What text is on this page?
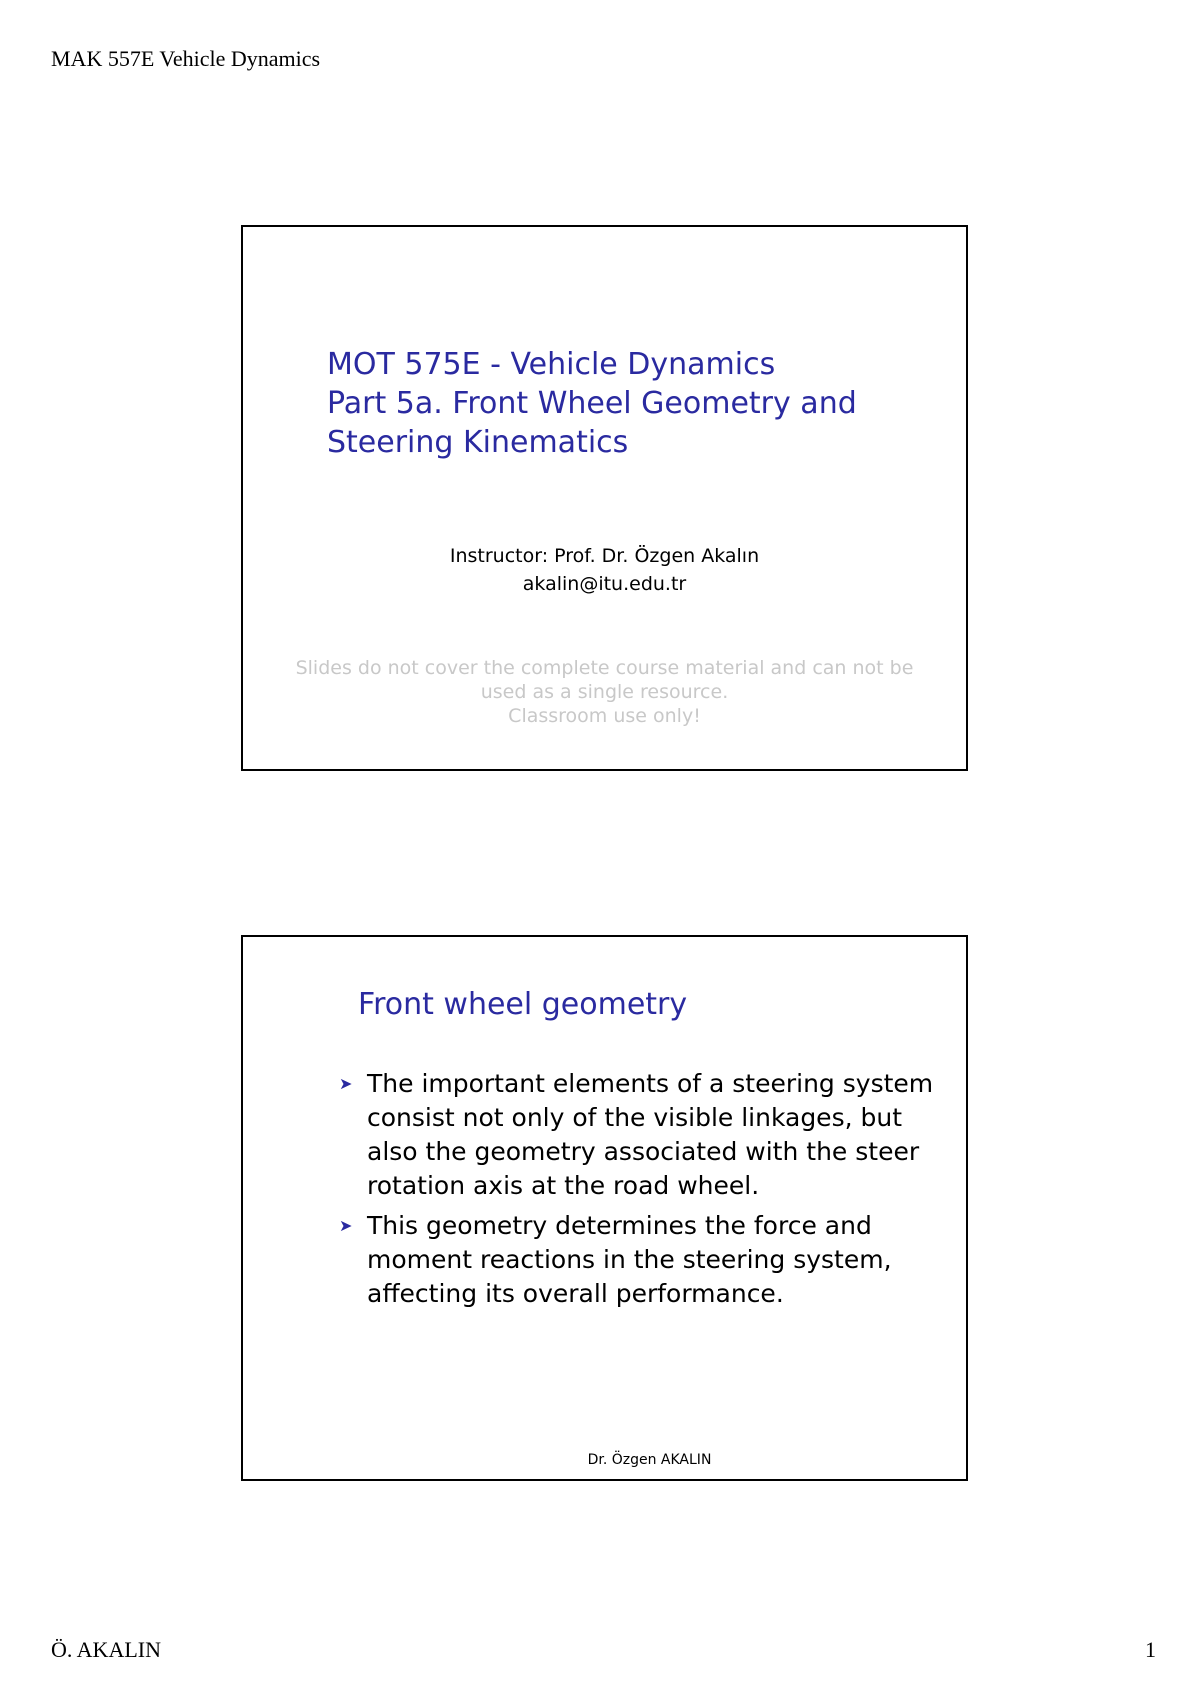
MAK 557E Vehicle Dynamics
MOT 575E - Vehicle Dynamics
Part 5a. Front Wheel Geometry and
Steering Kinematics
Instructor: Prof. Dr. Özgen Akalın
akalin@itu.edu.tr
Slides do not cover the complete course material and can not be
used as a single resource.
Classroom use only!
Front wheel geometry
➤ The important elements of a steering system consist not only of the visible linkages, but also the geometry associated with the steer rotation axis at the road wheel.
➤ This geometry determines the force and moment reactions in the steering system, affecting its overall performance.
Dr. Özgen AKALIN
Ö. AKALIN	1
